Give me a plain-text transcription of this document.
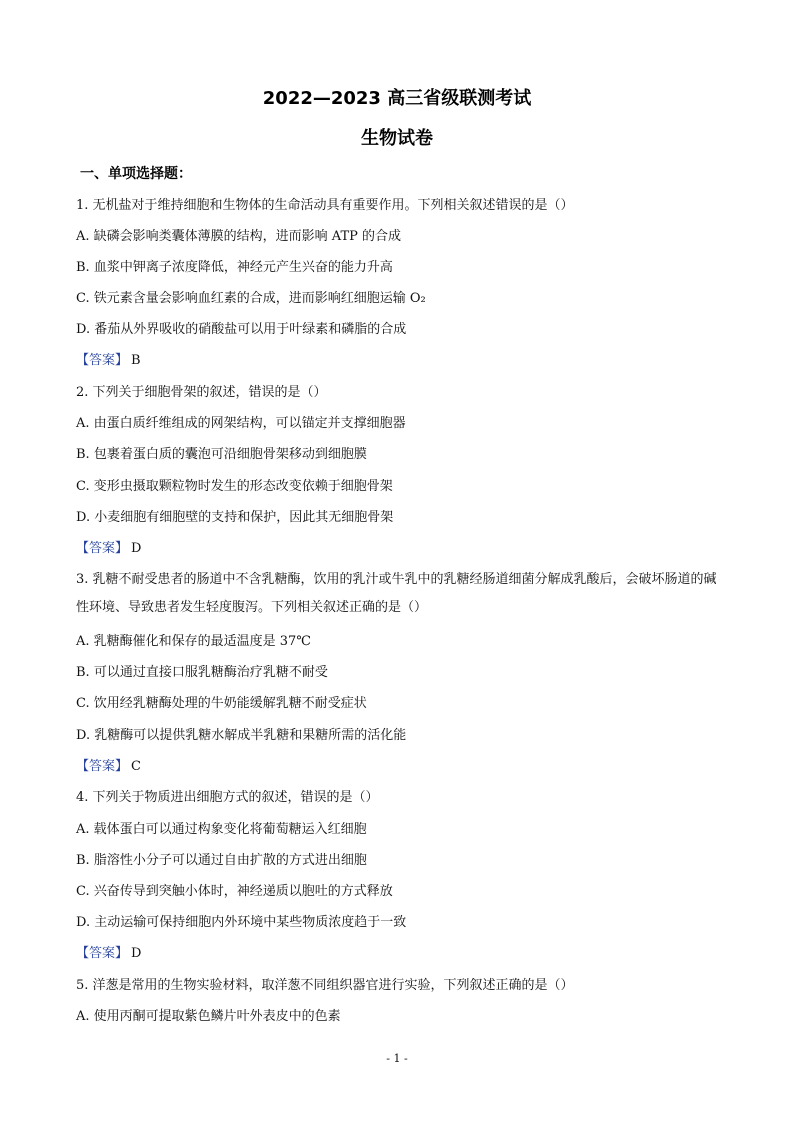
2022—2023 高三省级联测考试
生物试卷
一、单项选择题：
1. 无机盐对于维持细胞和生物体的生命活动具有重要作用。下列相关叙述错误的是（）
A. 缺磷会影响类囊体薄膜的结构，进而影响 ATP 的合成
B. 血浆中钾离子浓度降低，神经元产生兴奋的能力升高
C. 铁元素含量会影响血红素的合成，进而影响红细胞运输 O₂
D. 番茄从外界吸收的硝酸盐可以用于叶绿素和磷脂的合成
【答案】 B
2. 下列关于细胞骨架的叙述，错误的是（）
A. 由蛋白质纤维组成的网架结构，可以锚定并支撑细胞器
B. 包裹着蛋白质的囊泡可沿细胞骨架移动到细胞膜
C. 变形虫摄取颗粒物时发生的形态改变依赖于细胞骨架
D. 小麦细胞有细胞壁的支持和保护，因此其无细胞骨架
【答案】 D
3. 乳糖不耐受患者的肠道中不含乳糖酶，饮用的乳汁或牛乳中的乳糖经肠道细菌分解成乳酸后，会破坏肠道的碱性环境、导致患者发生轻度腹泻。下列相关叙述正确的是（）
A. 乳糖酶催化和保存的最适温度是 37℃
B. 可以通过直接口服乳糖酶治疗乳糖不耐受
C. 饮用经乳糖酶处理的牛奶能缓解乳糖不耐受症状
D. 乳糖酶可以提供乳糖水解成半乳糖和果糖所需的活化能
【答案】 C
4. 下列关于物质进出细胞方式的叙述，错误的是（）
A. 载体蛋白可以通过构象变化将葡萄糖运入红细胞
B. 脂溶性小分子可以通过自由扩散的方式进出细胞
C. 兴奋传导到突触小体时，神经递质以胞吐的方式释放
D. 主动运输可保持细胞内外环境中某些物质浓度趋于一致
【答案】 D
5. 洋葱是常用的生物实验材料，取洋葱不同组织器官进行实验，下列叙述正确的是（）
A. 使用丙酮可提取紫色鳞片叶外表皮中的色素
- 1 -
